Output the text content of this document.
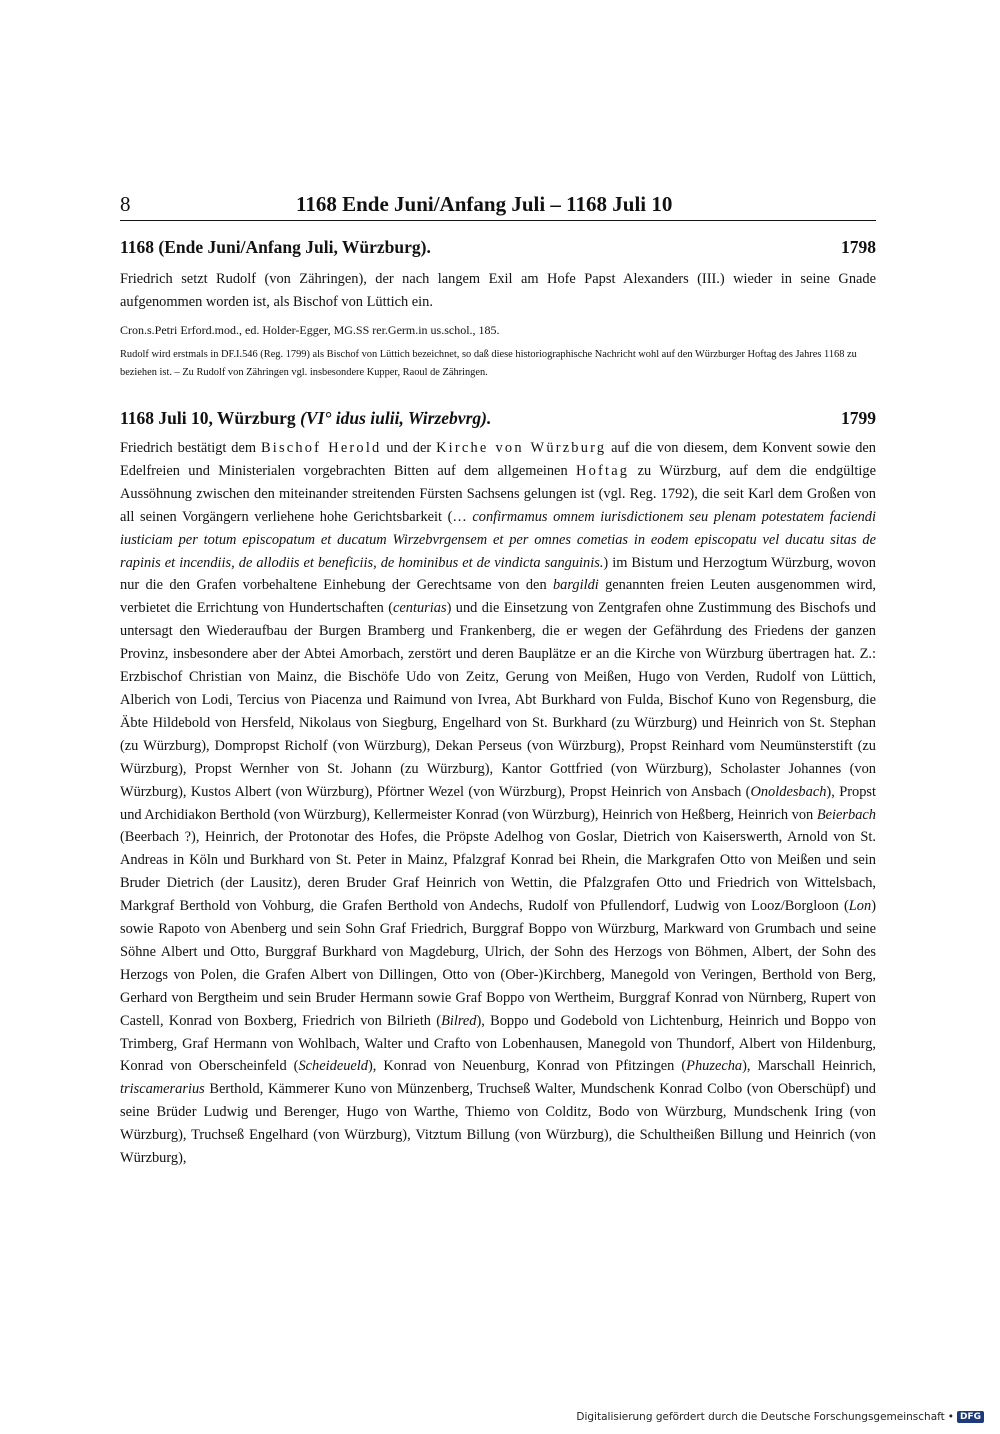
8	1168 Ende Juni/Anfang Juli – 1168 Juli 10
1168 (Ende Juni/Anfang Juli, Würzburg).	1798
Friedrich setzt Rudolf (von Zähringen), der nach langem Exil am Hofe Papst Alexanders (III.) wieder in seine Gnade aufgenommen worden ist, als Bischof von Lüttich ein.
Cron.s.Petri Erford.mod., ed. Holder-Egger, MG.SS rer.Germ.in us.schol., 185.
Rudolf wird erstmals in DF.I.546 (Reg. 1799) als Bischof von Lüttich bezeichnet, so daß diese historiographische Nachricht wohl auf den Würzburger Hoftag des Jahres 1168 zu beziehen ist. – Zu Rudolf von Zähringen vgl. insbesondere Kupper, Raoul de Zähringen.
1168 Juli 10, Würzburg (VI° idus iulii, Wirzebvrg).	1799
Friedrich bestätigt dem Bischof Herold und der Kirche von Würzburg auf die von diesem, dem Konvent sowie den Edelfreien und Ministerialen vorgebrachten Bitten auf dem allgemeinen Hoftag zu Würzburg, auf dem die endgültige Aussöhnung zwischen den miteinander streitenden Fürsten Sachsens gelungen ist (vgl. Reg. 1792), die seit Karl dem Großen von all seinen Vorgängern verliehene hohe Gerichtsbarkeit (… confirmamus omnem iurisdictionem seu plenam potestatem faciendi iusticiam per totum episcopatum et ducatum Wirzebvrgensem et per omnes cometias in eodem episcopatu vel ducatu sitas de rapinis et incendiis, de allodiis et beneficiis, de hominibus et de vindicta sanguinis.) im Bistum und Herzogtum Würzburg, wovon nur die den Grafen vorbehaltene Einhebung der Gerechtsame von den bargildi genannten freien Leuten ausgenommen wird, verbietet die Errichtung von Hundertschaften (centurias) und die Einsetzung von Zentgrafen ohne Zustimmung des Bischofs und untersagt den Wiederaufbau der Burgen Bramberg und Frankenberg, die er wegen der Gefährdung des Friedens der ganzen Provinz, insbesondere aber der Abtei Amorbach, zerstört und deren Bauplätze er an die Kirche von Würzburg übertragen hat. Z.: Erzbischof Christian von Mainz, die Bischöfe Udo von Zeitz, Gerung von Meißen, Hugo von Verden, Rudolf von Lüttich, Alberich von Lodi, Tercius von Piacenza und Raimund von Ivrea, Abt Burkhard von Fulda, Bischof Kuno von Regensburg, die Äbte Hildebold von Hersfeld, Nikolaus von Siegburg, Engelhard von St. Burkhard (zu Würzburg) und Heinrich von St. Stephan (zu Würzburg), Dompropst Richolf (von Würzburg), Dekan Perseus (von Würzburg), Propst Reinhard vom Neumünsterstift (zu Würzburg), Propst Wernher von St. Johann (zu Würzburg), Kantor Gottfried (von Würzburg), Scholaster Johannes (von Würzburg), Kustos Albert (von Würzburg), Pförtner Wezel (von Würzburg), Propst Heinrich von Ansbach (Onoldesbach), Propst und Archidiakon Berthold (von Würzburg), Kellermeister Konrad (von Würzburg), Heinrich von Heßberg, Heinrich von Beierbach (Beerbach ?), Heinrich, der Protonotar des Hofes, die Pröpste Adelhog von Goslar, Dietrich von Kaiserswerth, Arnold von St. Andreas in Köln und Burkhard von St. Peter in Mainz, Pfalzgraf Konrad bei Rhein, die Markgrafen Otto von Meißen und sein Bruder Dietrich (der Lausitz), deren Bruder Graf Heinrich von Wettin, die Pfalzgrafen Otto und Friedrich von Wittelsbach, Markgraf Berthold von Vohburg, die Grafen Berthold von Andechs, Rudolf von Pfullendorf, Ludwig von Looz/Borgloon (Lon) sowie Rapoto von Abenberg und sein Sohn Graf Friedrich, Burggraf Boppo von Würzburg, Markward von Grumbach und seine Söhne Albert und Otto, Burggraf Burkhard von Magdeburg, Ulrich, der Sohn des Herzogs von Böhmen, Albert, der Sohn des Herzogs von Polen, die Grafen Albert von Dillingen, Otto von (Ober-)Kirchberg, Manegold von Veringen, Berthold von Berg, Gerhard von Bergtheim und sein Bruder Hermann sowie Graf Boppo von Wertheim, Burggraf Konrad von Nürnberg, Rupert von Castell, Konrad von Boxberg, Friedrich von Bilrieth (Bilred), Boppo und Godebold von Lichtenburg, Heinrich und Boppo von Trimberg, Graf Hermann von Wohlbach, Walter und Crafto von Lobenhausen, Manegold von Thundorf, Albert von Hildenburg, Konrad von Oberscheinfeld (Scheideueld), Konrad von Neuenburg, Konrad von Pfitzingen (Phuzecha), Marschall Heinrich, triscamerarius Berthold, Kämmerer Kuno von Münzenberg, Truchseß Walter, Mundschenk Konrad Colbo (von Oberschüpf) und seine Brüder Ludwig und Berenger, Hugo von Warthe, Thiemo von Colditz, Bodo von Würzburg, Mundschenk Iring (von Würzburg), Truchseß Engelhard (von Würzburg), Vitztum Billung (von Würzburg), die Schultheißen Billung und Heinrich (von Würzburg),
Digitalisierung gefördert durch die Deutsche Forschungsgemeinschaft • DFG
